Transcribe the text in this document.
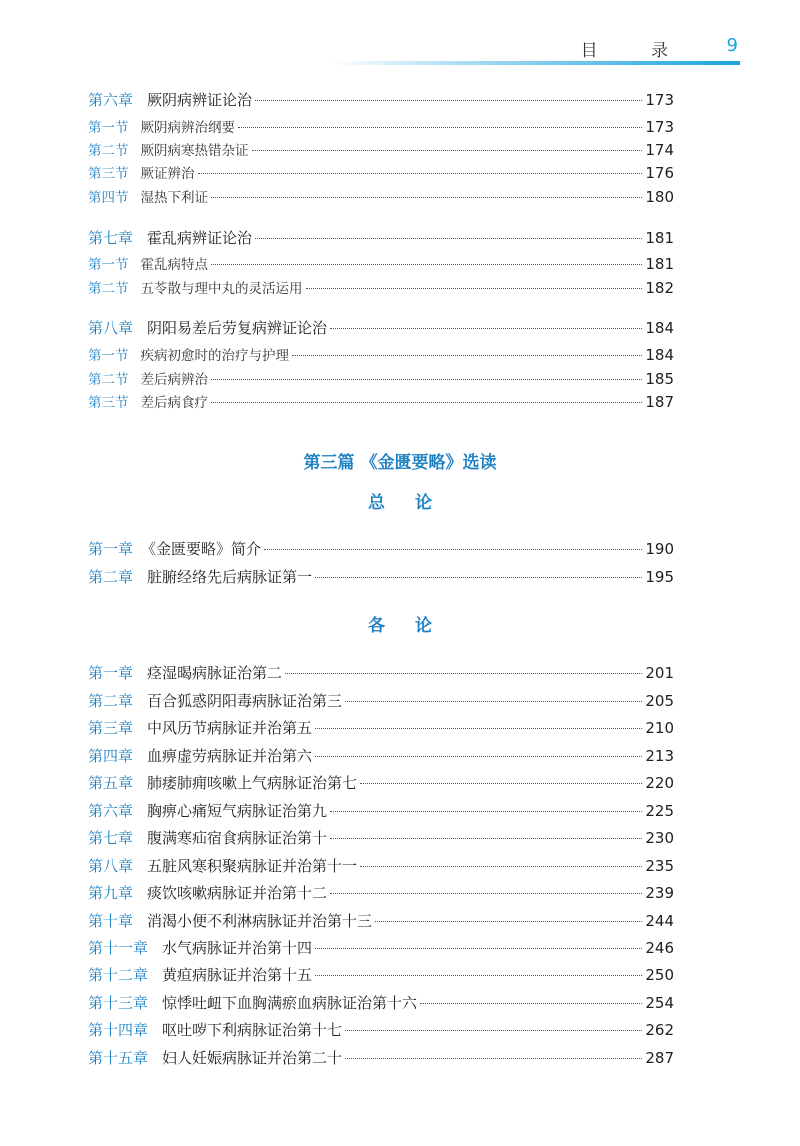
目 录 9
第六章 厥阴病辨证论治	173
第一节 厥阴病辨治纲要	173
第二节 厥阴病寒热错杂证	174
第三节 厥证辨治	176
第四节 湿热下利证	180
第七章 霍乱病辨证论治	181
第一节 霍乱病特点	181
第二节 五苓散与理中丸的灵活运用	182
第八章 阴阳易差后劳复病辨证论治	184
第一节 疾病初愈时的治疗与护理	184
第二节 差后病辨治	185
第三节 差后病食疗	187
第三篇 《金匮要略》选读
总论
第一章 《金匮要略》简介	190
第二章 脏腑经络先后病脉证第一	195
各论
第一章 痉湿暍病脉证治第二	201
第二章 百合狐惑阴阳毒病脉证治第三	205
第三章 中风历节病脉证并治第五	210
第四章 血痹虚劳病脉证并治第六	213
第五章 肺痿肺痈咳嗽上气病脉证治第七	220
第六章 胸痹心痛短气病脉证治第九	225
第七章 腹满寒疝宿食病脉证治第十	230
第八章 五脏风寒积聚病脉证并治第十一	235
第九章 痰饮咳嗽病脉证并治第十二	239
第十章 消渴小便不利淋病脉证并治第十三	244
第十一章 水气病脉证并治第十四	246
第十二章 黄疸病脉证并治第十五	250
第十三章 惊悸吐衄下血胸满瘀血病脉证治第十六	254
第十四章 呕吐哕下利病脉证治第十七	262
第十五章 妇人妊娠病脉证并治第二十	287
